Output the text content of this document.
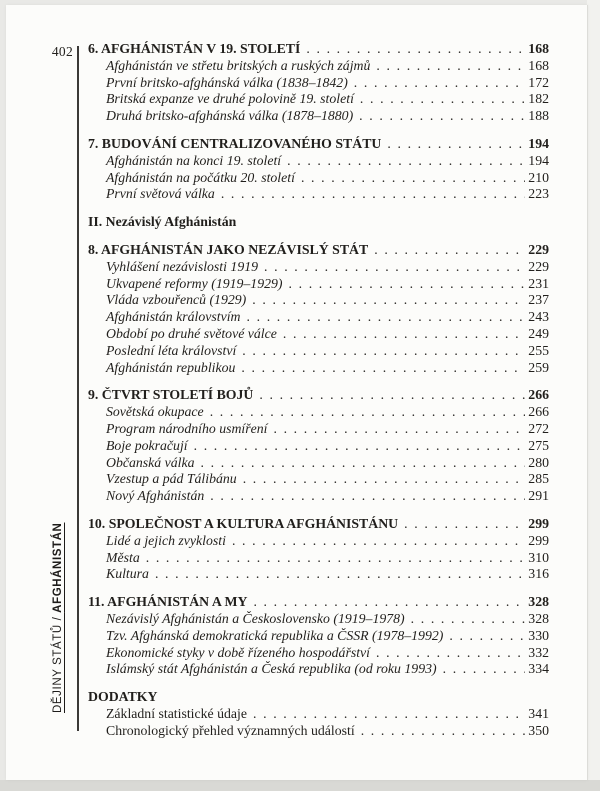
402
DĚJINY STÁTŮ / AFGHÁNISTÁN
6. AFGHÁNISTÁN V 19. STOLETÍ . . .	168
Afghánistán ve střetu britských a ruských zájmů . . .	168
První britsko-afghánská válka (1838–1842) . . .	172
Britská expanze ve druhé polovině 19. století . . .	182
Druhá britsko-afghánská válka (1878–1880) . . .	188
7. BUDOVÁNÍ CENTRALIZOVANÉHO STÁTU . . .	194
Afghánistán na konci 19. století . . .	194
Afghánistán na počátku 20. století . . .	210
První světová válka . . .	223
II. Nezávislý Afghánistán
8. AFGHÁNISTÁN JAKO NEZÁVISLÝ STÁT . . .	229
Vyhlášení nezávislosti 1919 . . .	229
Ukvapené reformy (1919–1929) . . .	231
Vláda vzbouřenců (1929) . . .	237
Afghánistán královstvím . . .	243
Období po druhé světové válce . . .	249
Poslední léta království . . .	255
Afghánistán republikou . . .	259
9. ČTVRT STOLETÍ BOJŮ . . .	266
Sovětská okupace . . .	266
Program národního usmíření . . .	272
Boje pokračují . . .	275
Občanská válka . . .	280
Vzestup a pád Tálibánu . . .	285
Nový Afghánistán . . .	291
10. SPOLEČNOST A KULTURA AFGHÁNISTÁNU . . .	299
Lidé a jejich zvyklosti . . .	299
Města . . .	310
Kultura . . .	316
11. AFGHÁNISTÁN A MY . . .	328
Nezávislý Afghánistán a Československo (1919–1978) . . .	328
Tzv. Afghánská demokratická republika a ČSSR (1978–1992) . . .	330
Ekonomické styky v době řízeného hospodářství . . .	332
Islámský stát Afghánistán a Česká republika (od roku 1993) . . .	334
DODATKY
Základní statistické údaje . . .	341
Chronologický přehled významných událostí . . .	350
